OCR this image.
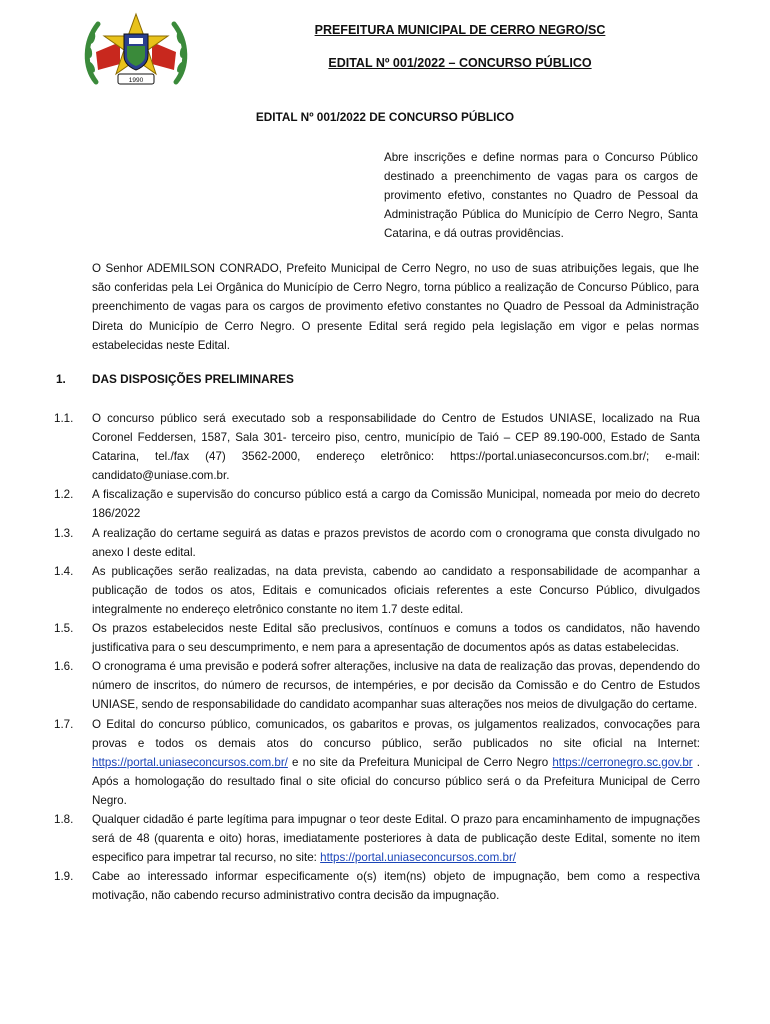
1990
PREFEITURA MUNICIPAL DE CERRO NEGRO/SC
EDITAL Nº 001/2022 – CONCURSO PÚBLICO
EDITAL Nº 001/2022 DE CONCURSO PÚBLICO
Abre inscrições e define normas para o Concurso Público destinado a preenchimento de vagas para os cargos de provimento efetivo, constantes no Quadro de Pessoal da Administração Pública do Município de Cerro Negro, Santa Catarina, e dá outras providências.
O Senhor ADEMILSON CONRADO, Prefeito Municipal de Cerro Negro, no uso de suas atribuições legais, que lhe são conferidas pela Lei Orgânica do Município de Cerro Negro, torna público a realização de Concurso Público, para preenchimento de vagas para os cargos de provimento efetivo constantes no Quadro de Pessoal da Administração Direta do Município de Cerro Negro. O presente Edital será regido pela legislação em vigor e pelas normas estabelecidas neste Edital.
1. DAS DISPOSIÇÕES PRELIMINARES
1.1. O concurso público será executado sob a responsabilidade do Centro de Estudos UNIASE, localizado na Rua Coronel Feddersen, 1587, Sala 301- terceiro piso, centro, município de Taió – CEP 89.190-000, Estado de Santa Catarina, tel./fax (47) 3562-2000, endereço eletrônico: https://portal.uniaseconcursos.com.br/; e-mail: candidato@uniase.com.br.
1.2. A fiscalização e supervisão do concurso público está a cargo da Comissão Municipal, nomeada por meio do decreto 186/2022
1.3. A realização do certame seguirá as datas e prazos previstos de acordo com o cronograma que consta divulgado no anexo I deste edital.
1.4. As publicações serão realizadas, na data prevista, cabendo ao candidato a responsabilidade de acompanhar a publicação de todos os atos, Editais e comunicados oficiais referentes a este Concurso Público, divulgados integralmente no endereço eletrônico constante no item 1.7 deste edital.
1.5. Os prazos estabelecidos neste Edital são preclusivos, contínuos e comuns a todos os candidatos, não havendo justificativa para o seu descumprimento, e nem para a apresentação de documentos após as datas estabelecidas.
1.6. O cronograma é uma previsão e poderá sofrer alterações, inclusive na data de realização das provas, dependendo do número de inscritos, do número de recursos, de intempéries, e por decisão da Comissão e do Centro de Estudos UNIASE, sendo de responsabilidade do candidato acompanhar suas alterações nos meios de divulgação do certame.
1.7. O Edital do concurso público, comunicados, os gabaritos e provas, os julgamentos realizados, convocações para provas e todos os demais atos do concurso público, serão publicados no site oficial na Internet: https://portal.uniaseconcursos.com.br/ e no site da Prefeitura Municipal de Cerro Negro https://cerronegro.sc.gov.br . Após a homologação do resultado final o site oficial do concurso público será o da Prefeitura Municipal de Cerro Negro.
1.8. Qualquer cidadão é parte legítima para impugnar o teor deste Edital. O prazo para encaminhamento de impugnações será de 48 (quarenta e oito) horas, imediatamente posteriores à data de publicação deste Edital, somente no item especifico para impetrar tal recurso, no site: https://portal.uniaseconcursos.com.br/
1.9. Cabe ao interessado informar especificamente o(s) item(ns) objeto de impugnação, bem como a respectiva motivação, não cabendo recurso administrativo contra decisão da impugnação.
